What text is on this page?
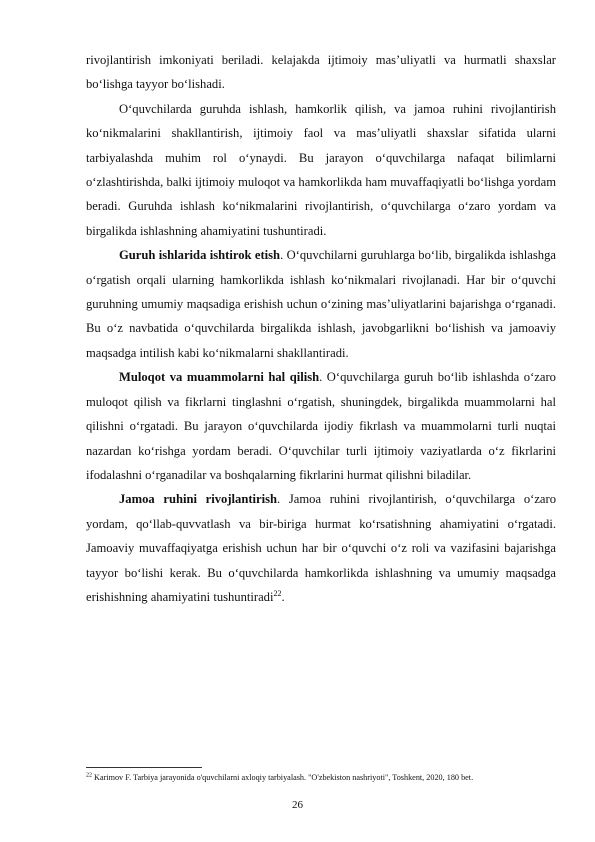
rivojlantirish imkoniyati beriladi. kelajakda ijtimoiy mas’uliyatli va hurmatli shaxslar bo‘lishga tayyor bo‘lishadi.

O‘quvchilarda guruhda ishlash, hamkorlik qilish, va jamoa ruhini rivojlantirish ko‘nikmalarini shakllantirish, ijtimoiy faol va mas’uliyatli shaxslar sifatida ularni tarbiyalashda muhim rol o‘ynaydi. Bu jarayon o‘quvchilarga nafaqat bilimlarni o‘zlashtirishda, balki ijtimoiy muloqot va hamkorlikda ham muvaffaqiyatli bo‘lishga yordam beradi. Guruhda ishlash ko‘nikmalarini rivojlantirish, o‘quvchilarga o‘zaro yordam va birgalikda ishlashning ahamiyatini tushuntiradi.

Guruh ishlarida ishtirok etish. O‘quvchilarni guruhlarga bo‘lib, birgalikda ishlashga o‘rgatish orqali ularning hamkorlikda ishlash ko‘nikmalari rivojlanadi. Har bir o‘quvchi guruhning umumiy maqsadiga erishish uchun o‘zining mas’uliyatlarini bajarishga o‘rganadi. Bu o‘z navbatida o‘quvchilarda birgalikda ishlash, javobgarlikni bo‘lishish va jamoaviy maqsadga intilish kabi ko‘nikmalarni shakllantiradi.

Muloqot va muammolarni hal qilish. O‘quvchilarga guruh bo‘lib ishlashda o‘zaro muloqot qilish va fikrlarni tinglashni o‘rgatish, shuningdek, birgalikda muammolarni hal qilishni o‘rgatadi. Bu jarayon o‘quvchilarda ijodiy fikrlash va muammolarni turli nuqtai nazardan ko‘rishga yordam beradi. O‘quvchilar turli ijtimoiy vaziyatlarda o‘z fikrlarini ifodalashni o‘rganadilar va boshqalarning fikrlarini hurmat qilishni biladilar.

Jamoa ruhini rivojlantirish. Jamoa ruhini rivojlantirish, o‘quvchilarga o‘zaro yordam, qo‘llab-quvvatlash va bir-biriga hurmat ko‘rsatishning ahamiyatini o‘rgatadi. Jamoaviy muvaffaqiyatga erishish uchun har bir o‘quvchi o‘z roli va vazifasini bajarishga tayyor bo‘lishi kerak. Bu o‘quvchilarda hamkorlikda ishlashning va umumiy maqsadga erishishning ahamiyatini tushuntiradi$^{22}$.

$^{22}$ Karimov F. Tarbiya jarayonida o'quvchilarni axloqiy tarbiyalash. "O'zbekiston nashriyoti", Toshkent, 2020, 180 bet.
26
